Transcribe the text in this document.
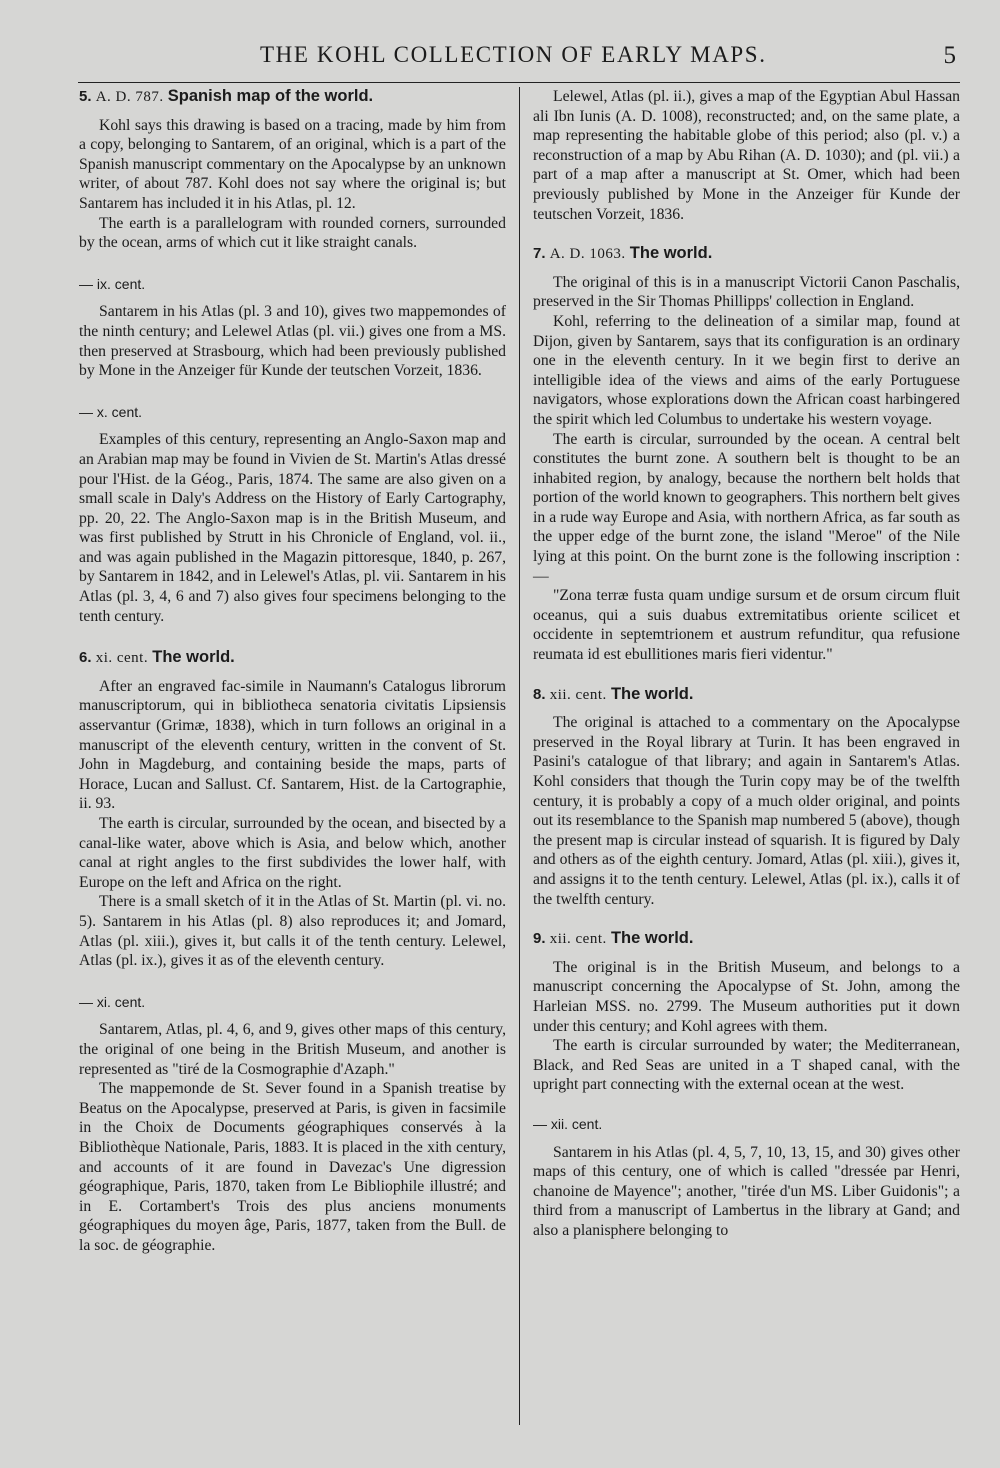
THE KOHL COLLECTION OF EARLY MAPS.	5
5. A. D. 787. Spanish map of the world.

Kohl says this drawing is based on a tracing, made by him from a copy, belonging to Santarem, of an original, which is a part of the Spanish manuscript commentary on the Apocalypse by an unknown writer, of about 787. Kohl does not say where the original is; but Santarem has included it in his Atlas, pl. 12.

The earth is a parallelogram with rounded corners, surrounded by the ocean, arms of which cut it like straight canals.

— ix. cent.

Santarem in his Atlas (pl. 3 and 10), gives two mappemondes of the ninth century; and Lelewel Atlas (pl. vii.) gives one from a MS. then preserved at Strasbourg, which had been previously published by Mone in the Anzeiger für Kunde der teutschen Vorzeit, 1836.

— x. cent.

Examples of this century, representing an Anglo-Saxon map and an Arabian map may be found in Vivien de St. Martin's Atlas dressé pour l'Hist. de la Géog., Paris, 1874. The same are also given on a small scale in Daly's Address on the History of Early Cartography, pp. 20, 22. The Anglo-Saxon map is in the British Museum, and was first published by Strutt in his Chronicle of England, vol. ii., and was again published in the Magazin pittoresque, 1840, p. 267, by Santarem in 1842, and in Lelewel's Atlas, pl. vii. Santarem in his Atlas (pl. 3, 4, 6 and 7) also gives four specimens belonging to the tenth century.

6. xi. cent. The world.

After an engraved fac-simile in Naumann's Catalogus librorum manuscriptorum, qui in bibliotheca senatoria civitatis Lipsiensis asservantur (Grimæ, 1838), which in turn follows an original in a manuscript of the eleventh century, written in the convent of St. John in Magdeburg, and containing beside the maps, parts of Horace, Lucan and Sallust. Cf. Santarem, Hist. de la Cartographie, ii. 93.

The earth is circular, surrounded by the ocean, and bisected by a canal-like water, above which is Asia, and below which, another canal at right angles to the first subdivides the lower half, with Europe on the left and Africa on the right.

There is a small sketch of it in the Atlas of St. Martin (pl. vi. no. 5). Santarem in his Atlas (pl. 8) also reproduces it; and Jomard, Atlas (pl. xiii.), gives it, but calls it of the tenth century. Lelewel, Atlas (pl. ix.), gives it as of the eleventh century.

— xi. cent.

Santarem, Atlas, pl. 4, 6, and 9, gives other maps of this century, the original of one being in the British Museum, and another is represented as "tiré de la Cosmographie d'Azaph."

The mappemonde de St. Sever found in a Spanish treatise by Beatus on the Apocalypse, preserved at Paris, is given in facsimile in the Choix de Documents géographiques conservés à la Bibliothèque Nationale, Paris, 1883. It is placed in the xith century, and accounts of it are found in Davezac's Une digression géographique, Paris, 1870, taken from Le Bibliophile illustré; and in E. Cortambert's Trois des plus anciens monuments géographiques du moyen âge, Paris, 1877, taken from the Bull. de la soc. de géographie.

Lelewel, Atlas (pl. ii.), gives a map of the Egyptian Abul Hassan ali Ibn Iunis (A. D. 1008), reconstructed; and, on the same plate, a map representing the habitable globe of this period; also (pl. v.) a reconstruction of a map by Abu Rihan (A. D. 1030); and (pl. vii.) a part of a map after a manuscript at St. Omer, which had been previously published by Mone in the Anzeiger für Kunde der teutschen Vorzeit, 1836.

7. A. D. 1063. The world.

The original of this is in a manuscript Victorii Canon Paschalis, preserved in the Sir Thomas Phillipps' collection in England.

Kohl, referring to the delineation of a similar map, found at Dijon, given by Santarem, says that its configuration is an ordinary one in the eleventh century. In it we begin first to derive an intelligible idea of the views and aims of the early Portuguese navigators, whose explorations down the African coast harbingered the spirit which led Columbus to undertake his western voyage.

The earth is circular, surrounded by the ocean. A central belt constitutes the burnt zone. A southern belt is thought to be an inhabited region, by analogy, because the northern belt holds that portion of the world known to geographers. This northern belt gives in a rude way Europe and Asia, with northern Africa, as far south as the upper edge of the burnt zone, the island "Meroe" of the Nile lying at this point. On the burnt zone is the following inscription : —

"Zona terræ fusta quam undige sursum et de orsum circum fluit oceanus, qui a suis duabus extremitatibus oriente scilicet et occidente in septemtrionem et austrum refunditur, qua refusione reumata id est ebullitiones maris fieri videntur."

8. xii. cent. The world.

The original is attached to a commentary on the Apocalypse preserved in the Royal library at Turin. It has been engraved in Pasini's catalogue of that library; and again in Santarem's Atlas. Kohl considers that though the Turin copy may be of the twelfth century, it is probably a copy of a much older original, and points out its resemblance to the Spanish map numbered 5 (above), though the present map is circular instead of squarish. It is figured by Daly and others as of the eighth century. Jomard, Atlas (pl. xiii.), gives it, and assigns it to the tenth century. Lelewel, Atlas (pl. ix.), calls it of the twelfth century.

9. xii. cent. The world.

The original is in the British Museum, and belongs to a manuscript concerning the Apocalypse of St. John, among the Harleian MSS. no. 2799. The Museum authorities put it down under this century; and Kohl agrees with them.

The earth is circular surrounded by water; the Mediterranean, Black, and Red Seas are united in a T shaped canal, with the upright part connecting with the external ocean at the west.

— xii. cent.

Santarem in his Atlas (pl. 4, 5, 7, 10, 13, 15, and 30) gives other maps of this century, one of which is called "dressée par Henri, chanoine de Mayence"; another, "tirée d'un MS. Liber Guidonis"; a third from a manuscript of Lambertus in the library at Gand; and also a planisphere belonging to
